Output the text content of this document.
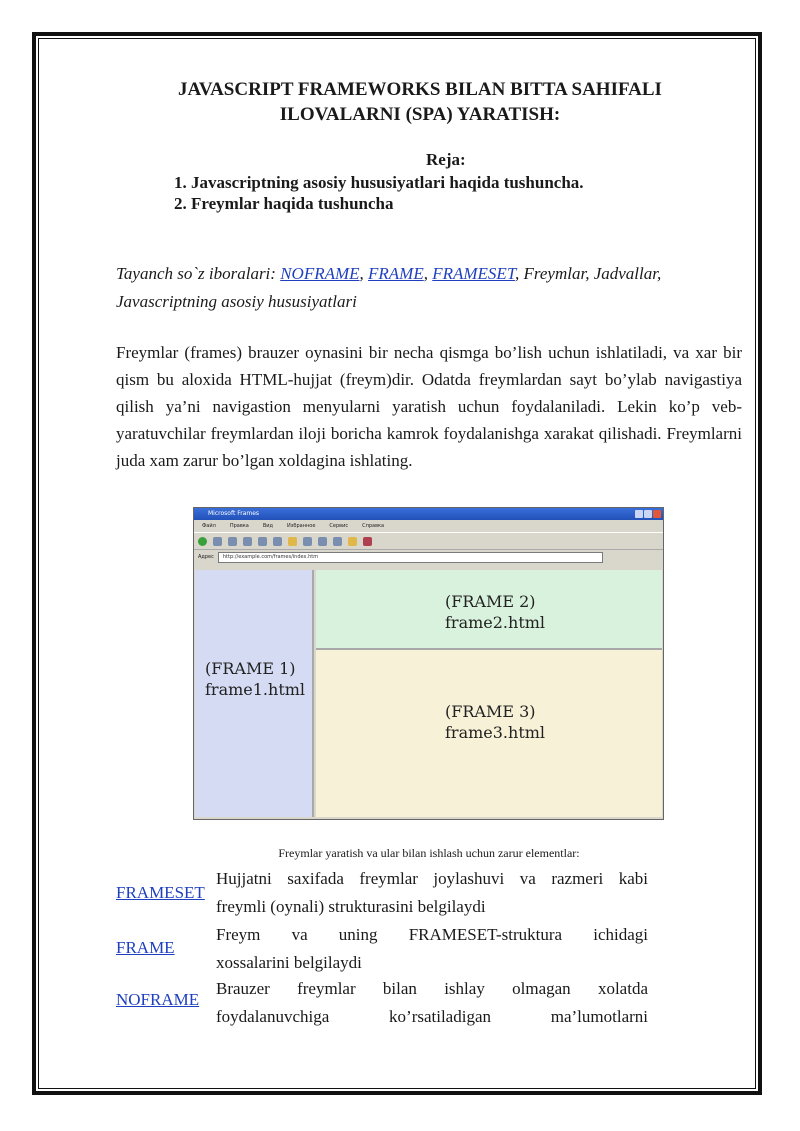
JAVASCRIPT FRAMEWORKS BILAN BITTA SAHIFALI
ILOVALARNI (SPA) YARATISH:
Reja:
1. Javascriptning asosiy hususiyatlari haqida tushuncha.
2. Freymlar haqida tushuncha
Tayanch so`z iboralari: NOFRAME, FRAME, FRAMESET, Freymlar, Jadvallar,
Javascriptning asosiy hususiyatlari
Freymlar (frames) brauzer oynasini bir necha qismga bo’lish uchun ishlatiladi, va xar bir qism bu aloxida HTML-hujjat (freym)dir. Odatda freymlardan sayt bo’ylab navigastiya qilish ya’ni navigastion menyularni yaratish uchun foydalaniladi. Lekin ko’p veb-yaratuvchilar freymlardan iloji boricha kamrok foydalanishga xarakat qilishadi. Freymlarni juda xam zarur bo’lgan xoldagina ishlating.
Microsoft Frames
Файл	Правка	Вид	Избранное	Сервис	Справка
Адрес	http://example.com/frames/index.htm
(FRAME 1)
frame1.html
(FRAME 2)
frame2.html
(FRAME 3)
frame3.html
Freymlar yaratish va ular bilan ishlash uchun zarur elementlar:
FRAMESET
Hujjatni saxifada freymlar joylashuvi va razmeri kabi
freymli (oynali) strukturasini belgilaydi
FRAME
Freym va uning FRAMESET-struktura ichidagi
xossalarini belgilaydi
NOFRAME
Brauzer freymlar bilan ishlay olmagan xolatda
foydalanuvchiga ko’rsatiladigan ma’lumotlarni
